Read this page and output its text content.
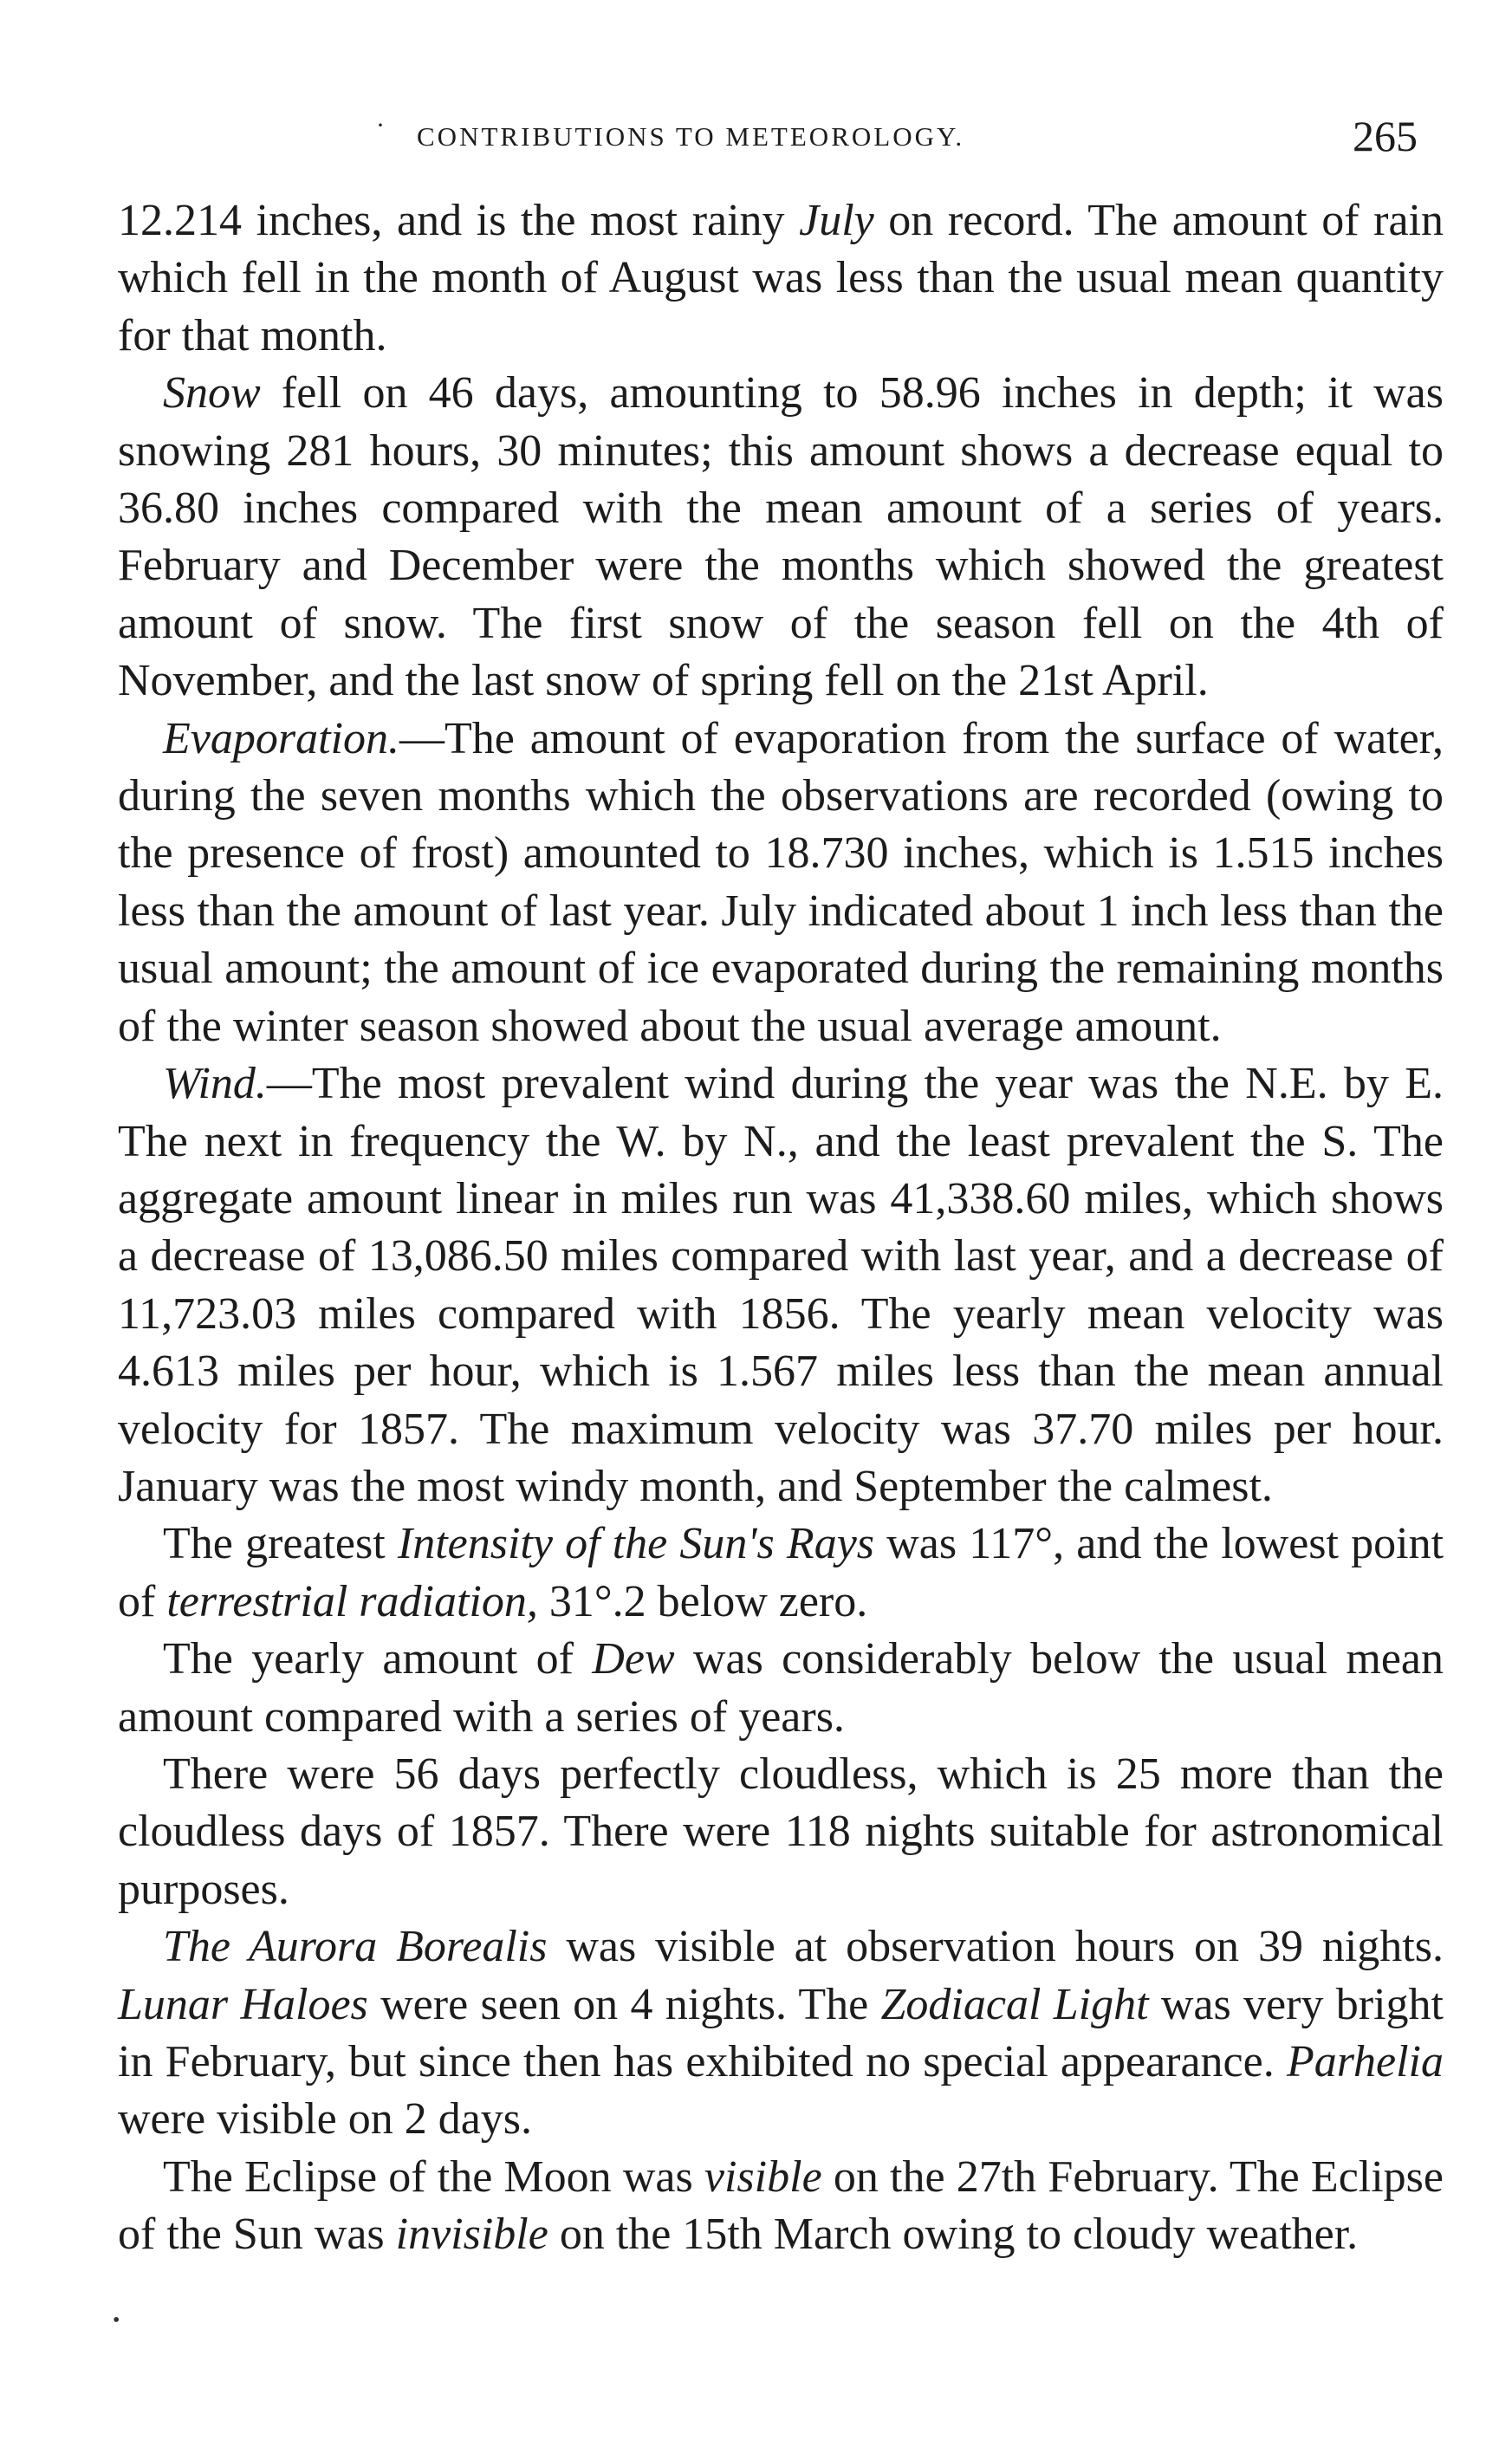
· CONTRIBUTIONS TO METEOROLOGY.	265

12.214 inches, and is the most rainy July on record. The amount of rain which fell in the month of August was less than the usual mean quantity for that month.

Snow fell on 46 days, amounting to 58.96 inches in depth; it was snowing 281 hours, 30 minutes; this amount shows a decrease equal to 36.80 inches compared with the mean amount of a series of years. February and December were the months which showed the greatest amount of snow. The first snow of the season fell on the 4th of November, and the last snow of spring fell on the 21st April.

Evaporation.—The amount of evaporation from the surface of water, during the seven months which the observations are recorded (owing to the presence of frost) amounted to 18.730 inches, which is 1.515 inches less than the amount of last year. July indicated about 1 inch less than the usual amount; the amount of ice evaporated during the remaining months of the winter season showed about the usual average amount.

Wind.—The most prevalent wind during the year was the N.E. by E. The next in frequency the W. by N., and the least prevalent the S. The aggregate amount linear in miles run was 41,338.60 miles, which shows a decrease of 13,086.50 miles compared with last year, and a decrease of 11,723.03 miles compared with 1856. The yearly mean velocity was 4.613 miles per hour, which is 1.567 miles less than the mean annual velocity for 1857. The maximum velocity was 37.70 miles per hour. January was the most windy month, and September the calmest.

The greatest Intensity of the Sun's Rays was 117°, and the lowest point of terrestrial radiation, 31°.2 below zero.

The yearly amount of Dew was considerably below the usual mean amount compared with a series of years.

There were 56 days perfectly cloudless, which is 25 more than the cloudless days of 1857. There were 118 nights suitable for astronomical purposes.

The Aurora Borealis was visible at observation hours on 39 nights. Lunar Haloes were seen on 4 nights. The Zodiacal Light was very bright in February, but since then has exhibited no special appearance. Parhelia were visible on 2 days.

The Eclipse of the Moon was visible on the 27th February. The Eclipse of the Sun was invisible on the 15th March owing to cloudy weather.

•
